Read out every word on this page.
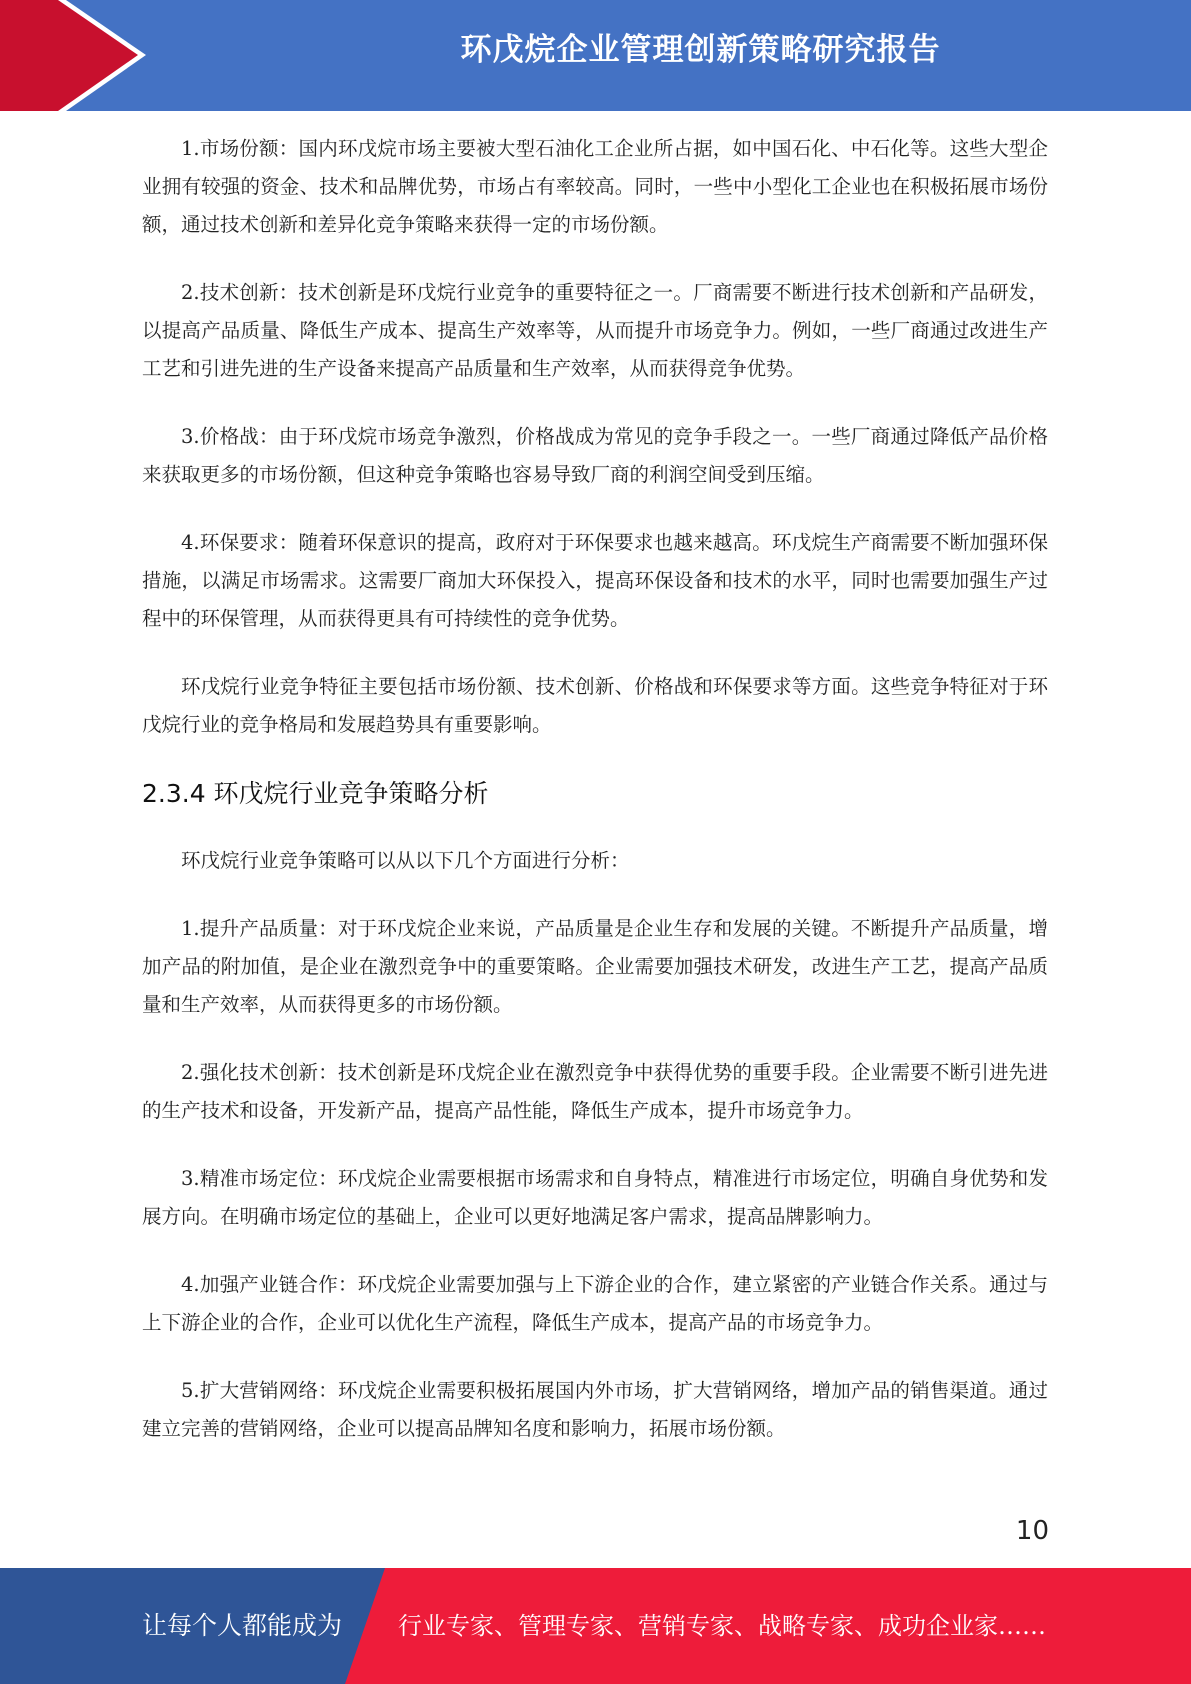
环戊烷企业管理创新策略研究报告

1.市场份额：国内环戊烷市场主要被大型石油化工企业所占据，如中国石化、中石化等。这些大型企业拥有较强的资金、技术和品牌优势，市场占有率较高。同时，一些中小型化工企业也在积极拓展市场份额，通过技术创新和差异化竞争策略来获得一定的市场份额。

2.技术创新：技术创新是环戊烷行业竞争的重要特征之一。厂商需要不断进行技术创新和产品研发，以提高产品质量、降低生产成本、提高生产效率等，从而提升市场竞争力。例如，一些厂商通过改进生产工艺和引进先进的生产设备来提高产品质量和生产效率，从而获得竞争优势。

3.价格战：由于环戊烷市场竞争激烈，价格战成为常见的竞争手段之一。一些厂商通过降低产品价格来获取更多的市场份额，但这种竞争策略也容易导致厂商的利润空间受到压缩。

4.环保要求：随着环保意识的提高，政府对于环保要求也越来越高。环戊烷生产商需要不断加强环保措施，以满足市场需求。这需要厂商加大环保投入，提高环保设备和技术的水平，同时也需要加强生产过程中的环保管理，从而获得更具有可持续性的竞争优势。

环戊烷行业竞争特征主要包括市场份额、技术创新、价格战和环保要求等方面。这些竞争特征对于环戊烷行业的竞争格局和发展趋势具有重要影响。

2.3.4 环戊烷行业竞争策略分析

环戊烷行业竞争策略可以从以下几个方面进行分析：

1.提升产品质量：对于环戊烷企业来说，产品质量是企业生存和发展的关键。不断提升产品质量，增加产品的附加值，是企业在激烈竞争中的重要策略。企业需要加强技术研发，改进生产工艺，提高产品质量和生产效率，从而获得更多的市场份额。

2.强化技术创新：技术创新是环戊烷企业在激烈竞争中获得优势的重要手段。企业需要不断引进先进的生产技术和设备，开发新产品，提高产品性能，降低生产成本，提升市场竞争力。

3.精准市场定位：环戊烷企业需要根据市场需求和自身特点，精准进行市场定位，明确自身优势和发展方向。在明确市场定位的基础上，企业可以更好地满足客户需求，提高品牌影响力。

4.加强产业链合作：环戊烷企业需要加强与上下游企业的合作，建立紧密的产业链合作关系。通过与上下游企业的合作，企业可以优化生产流程，降低生产成本，提高产品的市场竞争力。

5.扩大营销网络：环戊烷企业需要积极拓展国内外市场，扩大营销网络，增加产品的销售渠道。通过建立完善的营销网络，企业可以提高品牌知名度和影响力，拓展市场份额。

10
让每个人都能成为 行业专家、管理专家、营销专家、战略专家、成功企业家……
